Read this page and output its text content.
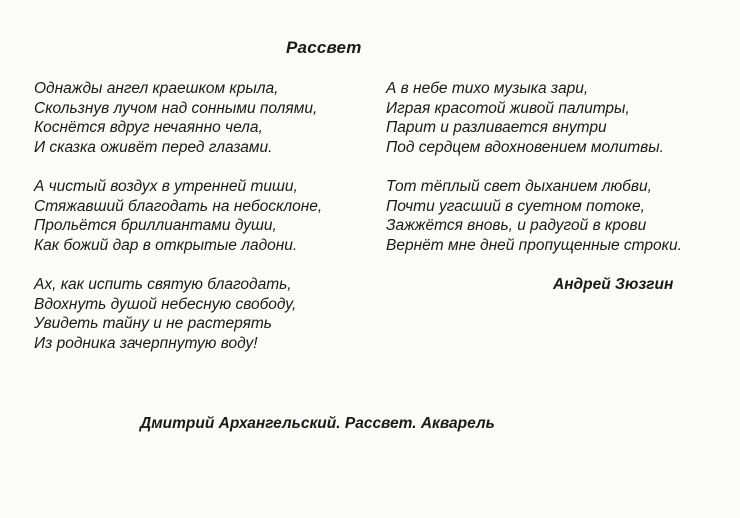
Рассвет
Однажды ангел краешком крыла,
Скользнув лучом над сонными полями,
Коснётся вдруг нечаянно чела,
И сказка оживёт перед глазами.
А чистый воздух в утренней тиши,
Стяжавший благодать на небосклоне,
Прольётся бриллиантами души,
Как божий дар в открытые ладони.
Ах, как испить святую благодать,
Вдохнуть душой небесную свободу,
Увидеть тайну и не растерять
Из родника зачерпнутую воду!
А в небе тихо музыка зари,
Играя красотой живой палитры,
Парит и разливается внутри
Под сердцем вдохновением молитвы.
Тот тёплый свет дыханием любви,
Почти угасший в суетном потоке,
Зажжётся вновь, и радугой в крови
Вернёт мне дней пропущенные строки.
Андрей Зюзгин
Дмитрий Архангельский. Рассвет. Акварель
